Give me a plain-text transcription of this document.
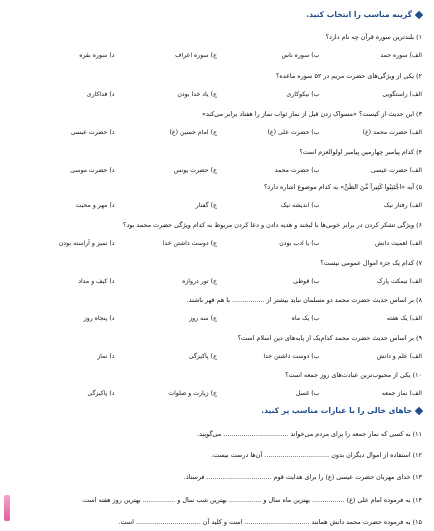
گزینه مناسب را انتخاب کنید.
۱) بلندترین سوره قرآن چه نام دارد؟
الف) سوره حمد
ب) سوره ناس
ج) سوره اعراف
د) سوره بقره
۲) یکی از ویژگی‌های حضرت مریم در ۵۲ سوره ماعده؟
الف) راستگویی
ب) نیکوکاری
ج) یاد خدا بودن
د) فداکاری
۳) این حدیث از کیست؟ «مسواک زدن قبل از نماز ثواب نماز را هفتاد برابر می‌کند»
الف) حضرت محمد (ع)
ب) حضرت علی (ع)
ج) امام حسین (ع)
د) حضرت عیسی
۴) کدام پیامبر چهارمین پیامبر اولوالعزم است؟
الف) حضرت عیسی
ب) حضرت محمد
ج) حضرت یونس
د) حضرت موسی
۵) آیه «اجْتَنِبُوا كَثِيراً مِّنَ الظَّنِّ» به کدام موضوع اشاره دارد؟
الف) رفتار نیک
ب) اندیشه نیک
ج) گفتار
د) مهر و محبت
۶) ویژگی تشکر کردن در برابر خوبی‌ها با لبخند و هدیه دادن و دعا کردن مربوط به کدام ویژگی حضرت محمد بود؟
الف) اهمیت دانش
ب) با ادب بودن
ج) دوست داشتن خدا
د) تمیز و آراسته بودن
۷) کدام یک جزء اموال عمومی نیست؟
الف) نیمکت پارک
ب) قوطی
ج) تور دروازه
د) کیف و مداد
۸) بر اساس حدیث حضرت محمد دو مسلمان نباید بیشتر از ................ با هم قهر باشند.
الف) یک هفته
ب) یک ماه
ج) سه روز
د) پنجاه روز
۹) بر اساس حدیث حضرت محمد کدام‌یک از پایه‌های دین اسلام است؟
الف) علم و دانش
ب) دوست داشتن خدا
ج) پاکیزگی
د) نماز
۱۰) یکی از محبوب‌ترین عبادت‌های روز جمعه است؟
الف) نماز جمعه
ب) غسل
ج) زیارت و صلوات
د) پاکیزگی
جاهای خالی را با عبارات مناسب پر کنید.
۱۱) به کسی که نماز جمعه را برای مردم می‌خواند ................................ می‌گویند.
۱۲) استفاده از اموال دیگران بدون ................................ آن‌ها درست نیست.
۱۳) خدای مهربان حضرت عیسی (ع) را برای هدایت قوم ................................ فرستاد.
۱۴) به فرموده امام علی (ع) ................ بهترین ماه سال و ................ بهترین شب سال و ................ بهترین روز هفته است.
۱۵) به فرموده حضرت محمد دانش همانند ................................ است و کلید آن ................................ است.
